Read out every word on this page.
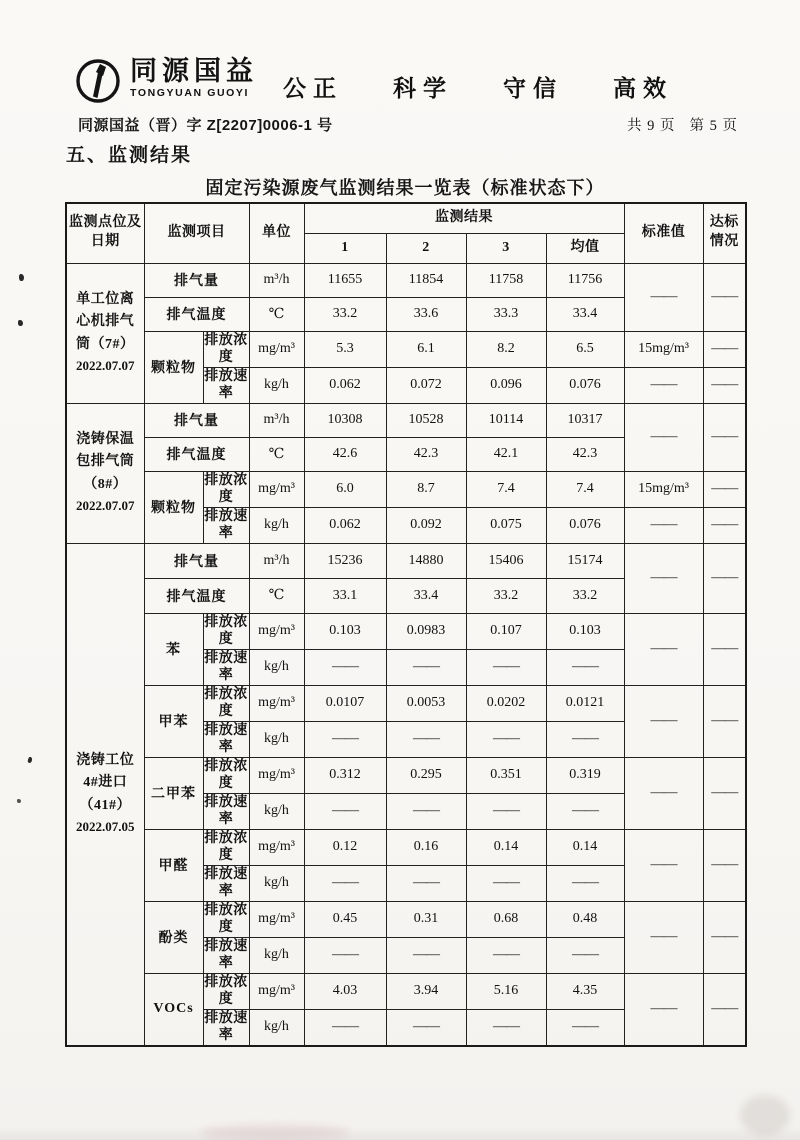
同源国益
TONGYUAN GUOYI	公正 科学 守信 高效
同源国益（晋）字 Z[2207]0006-1 号	共 9 页 第 5 页
五、监测结果
固定污染源废气监测结果一览表（标准状态下）
监测点位及日期	监测项目		单位	监测结果				标准值	达标情况
				1	2	3	均值		

单工位离
心机排气
筒（7#）
2022.07.07	排气量		m³/h	11655	11854	11758	11756	——	——
	排气温度		℃	33.2	33.6	33.3	33.4		
	颗粒物	排放浓度	mg/m³	5.3	6.1	8.2	6.5	15mg/m³	——
		排放速率	kg/h	0.062	0.072	0.096	0.076	——	——

浇铸保温
包排气筒
（8#）
2022.07.07	排气量		m³/h	10308	10528	10114	10317	——	——
	排气温度		℃	42.6	42.3	42.1	42.3		
	颗粒物	排放浓度	mg/m³	6.0	8.7	7.4	7.4	15mg/m³	——
		排放速率	kg/h	0.062	0.092	0.075	0.076	——	——

浇铸工位
4#进口
（41#）
2022.07.05	排气量		m³/h	15236	14880	15406	15174	——	——
	排气温度		℃	33.1	33.4	33.2	33.2		
	苯	排放浓度	mg/m³	0.103	0.0983	0.107	0.103	——	——
		排放速率	kg/h	——	——	——	——		
	甲苯	排放浓度	mg/m³	0.0107	0.0053	0.0202	0.0121	——	——
		排放速率	kg/h	——	——	——	——		
	二甲苯	排放浓度	mg/m³	0.312	0.295	0.351	0.319	——	——
		排放速率	kg/h	——	——	——	——		
	甲醛	排放浓度	mg/m³	0.12	0.16	0.14	0.14	——	——
		排放速率	kg/h	——	——	——	——		
	酚类	排放浓度	mg/m³	0.45	0.31	0.68	0.48	——	——
		排放速率	kg/h	——	——	——	——		
	VOCs	排放浓度	mg/m³	4.03	3.94	5.16	4.35	——	——
		排放速率	kg/h	——	——	——	——		
